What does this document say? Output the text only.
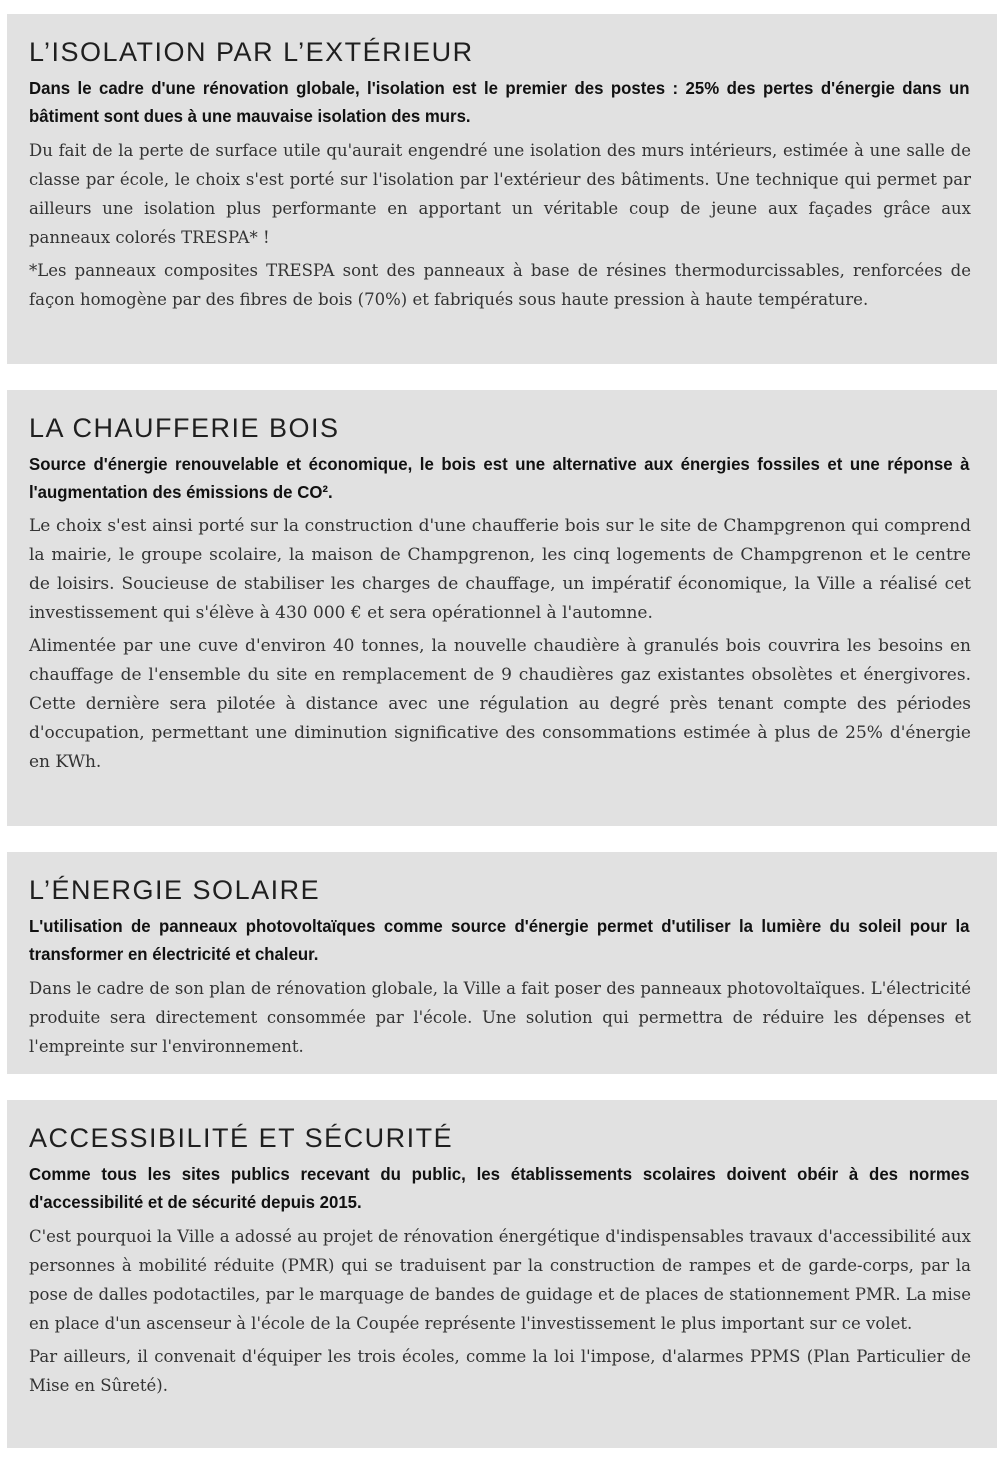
L’ISOLATION PAR L’EXTÉRIEUR

Dans le cadre d'une rénovation globale, l'isolation est le premier des postes : 25% des pertes d'énergie dans un bâtiment sont dues à une mauvaise isolation des murs.

Du fait de la perte de surface utile qu'aurait engendré une isolation des murs intérieurs, estimée à une salle de classe par école, le choix s'est porté sur l'isolation par l'extérieur des bâtiments. Une technique qui permet par ailleurs une isolation plus performante en apportant un véritable coup de jeune aux façades grâce aux panneaux colorés TRESPA* !

*Les panneaux composites TRESPA sont des panneaux à base de résines thermodurcissables, renforcées de façon homogène par des fibres de bois (70%) et fabriqués sous haute pression à haute température.

LA CHAUFFERIE BOIS

Source d'énergie renouvelable et économique, le bois est une alternative aux énergies fossiles et une réponse à l'augmentation des émissions de CO².

Le choix s'est ainsi porté sur la construction d'une chaufferie bois sur le site de Champgrenon qui comprend la mairie, le groupe scolaire, la maison de Champgrenon, les cinq logements de Champgrenon et le centre de loisirs. Soucieuse de stabiliser les charges de chauffage, un impératif économique, la Ville a réalisé cet investissement qui s'élève à 430 000 € et sera opérationnel à l'automne.

Alimentée par une cuve d'environ 40 tonnes, la nouvelle chaudière à granulés bois couvrira les besoins en chauffage de l'ensemble du site en remplacement de 9 chaudières gaz existantes obsolètes et énergivores. Cette dernière sera pilotée à distance avec une régulation au degré près tenant compte des périodes d'occupation, permettant une diminution significative des consommations estimée à plus de 25% d'énergie en KWh.

L’ÉNERGIE SOLAIRE

L'utilisation de panneaux photovoltaïques comme source d'énergie permet d'utiliser la lumière du soleil pour la transformer en électricité et chaleur.

Dans le cadre de son plan de rénovation globale, la Ville a fait poser des panneaux photovoltaïques. L'électricité produite sera directement consommée par l'école. Une solution qui permettra de réduire les dépenses et l'empreinte sur l'environnement.

ACCESSIBILITÉ ET SÉCURITÉ

Comme tous les sites publics recevant du public, les établissements scolaires doivent obéir à des normes d'accessibilité et de sécurité depuis 2015.

C'est pourquoi la Ville a adossé au projet de rénovation énergétique d'indispensables travaux d'accessibilité aux personnes à mobilité réduite (PMR) qui se traduisent par la construction de rampes et de garde-corps, par la pose de dalles podotactiles, par le marquage de bandes de guidage et de places de stationnement PMR. La mise en place d'un ascenseur à l'école de la Coupée représente l'investissement le plus important sur ce volet.

Par ailleurs, il convenait d'équiper les trois écoles, comme la loi l'impose, d'alarmes PPMS (Plan Particulier de Mise en Sûreté).
